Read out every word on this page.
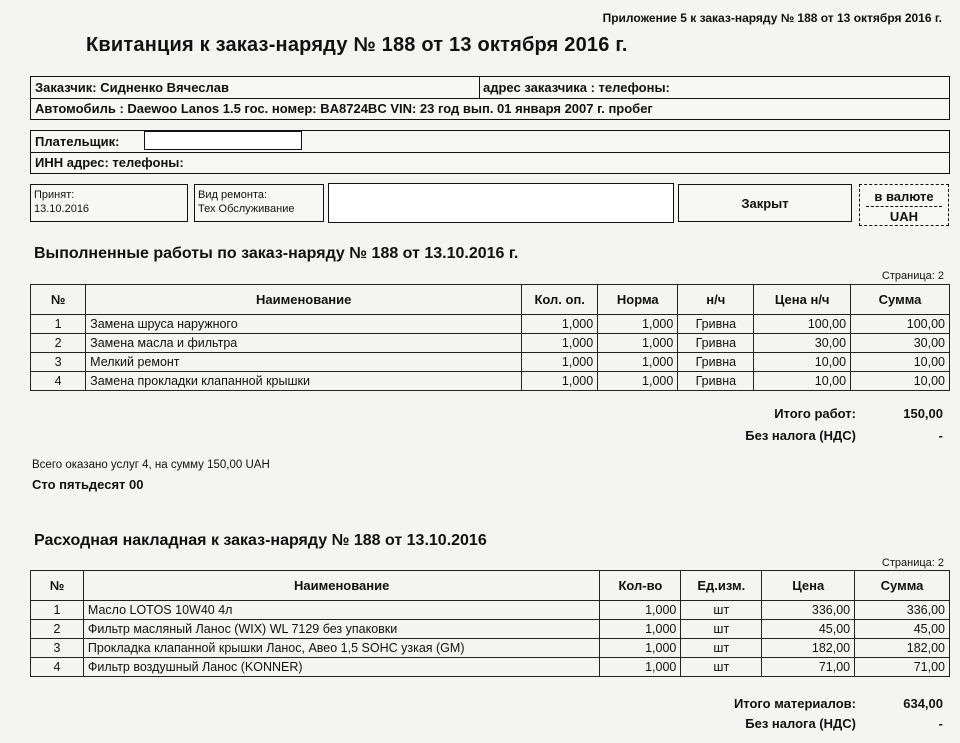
Приложение 5 к заказ-наряду № 188 от 13 октября 2016 г.
Квитанция к заказ-наряду № 188 от 13 октября 2016 г.
Заказчик: Сидненко Вячеслав	адрес заказчика : телефоны:
Автомобиль : Daewoo Lanos 1.5 гос. номер: BA8724BC VIN: 23 год вып. 01 января 2007 г. пробег
Плательщик:
ИНН адрес: телефоны:
Принят:
13.10.2016
Вид ремонта:
Тех Обслуживание	Закрыт	в валюте
UAH
Выполненные работы по заказ-наряду № 188 от 13.10.2016 г.
Страница: 2
№	Наименование	Кол. оп.	Норма	н/ч	Цена н/ч	Сумма
1	Замена шруса наружного	1,000	1,000	Гривна	100,00	100,00
2	Замена масла и фильтра	1,000	1,000	Гривна	30,00	30,00
3	Мелкий ремонт	1,000	1,000	Гривна	10,00	10,00
4	Замена прокладки клапанной крышки	1,000	1,000	Гривна	10,00	10,00
Итого работ:	150,00
Без налога (НДС)	-
Всего оказано услуг 4, на сумму 150,00 UAH
Сто пятьдесят 00
Расходная накладная к заказ-наряду № 188 от 13.10.2016
Страница: 2
№	Наименование	Кол-во	Ед.изм.	Цена	Сумма
1	Масло LOTOS 10W40 4л	1,000	шт	336,00	336,00
2	Фильтр масляный Ланос (WIX) WL 7129 без упаковки	1,000	шт	45,00	45,00
3	Прокладка клапанной крышки Ланос, Авео 1,5 SOHC узкая (GM)	1,000	шт	182,00	182,00
4	Фильтр воздушный Ланос (KONNER)	1,000	шт	71,00	71,00
Итого материалов:	634,00
Без налога (НДС)	-
